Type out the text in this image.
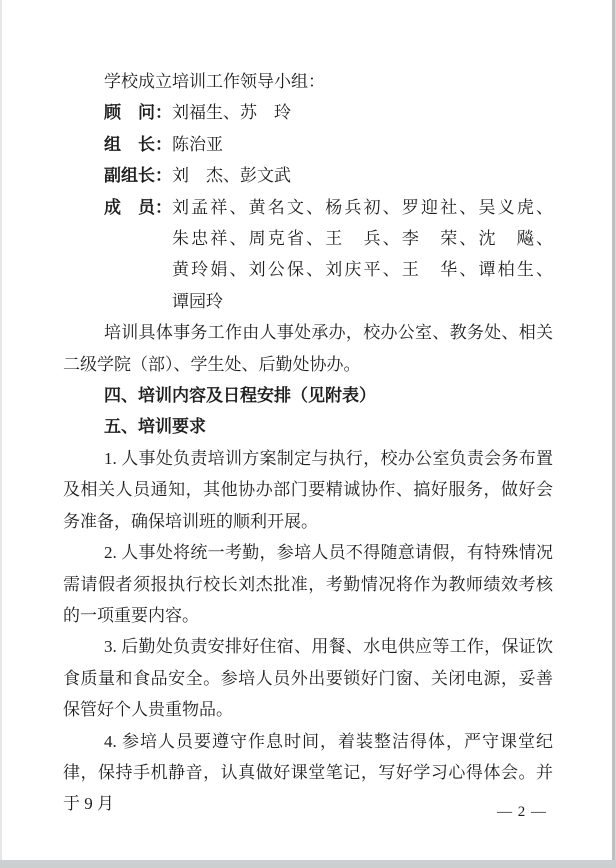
学校成立培训工作领导小组：

顾　问： 刘福生、苏　玲
组　长： 陈治亚
副组长： 刘　杰、彭文武
成　员： 刘孟祥、黄名文、杨兵初、罗迎社、吴义虎、
朱忠祥、周克省、王　兵、李　荣、沈　飚、
黄玲娟、刘公保、刘庆平、王　华、谭柏生、
谭园玲

培训具体事务工作由人事处承办，校办公室、教务处、相关二级学院（部）、学生处、后勤处协办。

四、培训内容及日程安排（见附表）

五、培训要求

1. 人事处负责培训方案制定与执行，校办公室负责会务布置及相关人员通知，其他协办部门要精诚协作、搞好服务，做好会务准备，确保培训班的顺利开展。

2. 人事处将统一考勤，参培人员不得随意请假，有特殊情况需请假者须报执行校长刘杰批准，考勤情况将作为教师绩效考核的一项重要内容。

3. 后勤处负责安排好住宿、用餐、水电供应等工作，保证饮食质量和食品安全。参培人员外出要锁好门窗、关闭电源，妥善保管好个人贵重物品。

4. 参培人员要遵守作息时间，着装整洁得体，严守课堂纪律，保持手机静音，认真做好课堂笔记，写好学习心得体会。并于 9 月	— 2 —
